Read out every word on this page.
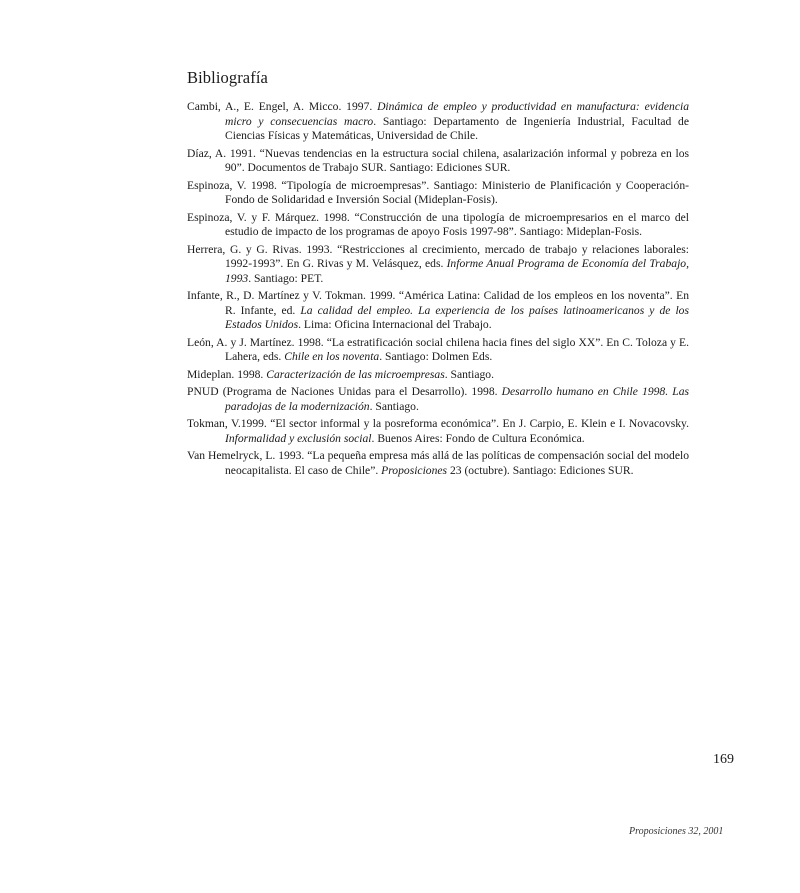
Bibliografía
Cambi, A., E. Engel, A. Micco. 1997. Dinámica de empleo y productividad en manufactura: evidencia micro y consecuencias macro. Santiago: Departamento de Ingeniería Industrial, Facultad de Ciencias Físicas y Matemáticas, Universidad de Chile.
Díaz, A. 1991. “Nuevas tendencias en la estructura social chilena, asalarización informal y pobreza en los 90”. Documentos de Trabajo SUR. Santiago: Ediciones SUR.
Espinoza, V. 1998. “Tipología de microempresas”. Santiago: Ministerio de Planificación y Cooperación-Fondo de Solidaridad e Inversión Social (Mideplan-Fosis).
Espinoza, V. y F. Márquez. 1998. “Construcción de una tipología de microempresarios en el marco del estudio de impacto de los programas de apoyo Fosis 1997-98”. Santiago: Mideplan-Fosis.
Herrera, G. y G. Rivas. 1993. “Restricciones al crecimiento, mercado de trabajo y relaciones laborales: 1992-1993”. En G. Rivas y M. Velásquez, eds. Informe Anual Programa de Economía del Trabajo, 1993. Santiago: PET.
Infante, R., D. Martínez y V. Tokman. 1999. “América Latina: Calidad de los empleos en los noventa”. En R. Infante, ed. La calidad del empleo. La experiencia de los países latinoamericanos y de los Estados Unidos. Lima: Oficina Internacional del Trabajo.
León, A. y J. Martínez. 1998. “La estratificación social chilena hacia fines del siglo XX”. En C. Toloza y E. Lahera, eds. Chile en los noventa. Santiago: Dolmen Eds.
Mideplan. 1998. Caracterización de las microempresas. Santiago.
PNUD (Programa de Naciones Unidas para el Desarrollo). 1998. Desarrollo humano en Chile 1998. Las paradojas de la modernización. Santiago.
Tokman, V.1999. “El sector informal y la posreforma económica”. En J. Carpio, E. Klein e I. Novacovsky. Informalidad y exclusión social. Buenos Aires: Fondo de Cultura Económica.
Van Hemelryck, L. 1993. “La pequeña empresa más allá de las políticas de compensación social del modelo neocapitalista. El caso de Chile”. Proposiciones 23 (octubre). Santiago: Ediciones SUR.
169
Proposiciones 32, 2001
